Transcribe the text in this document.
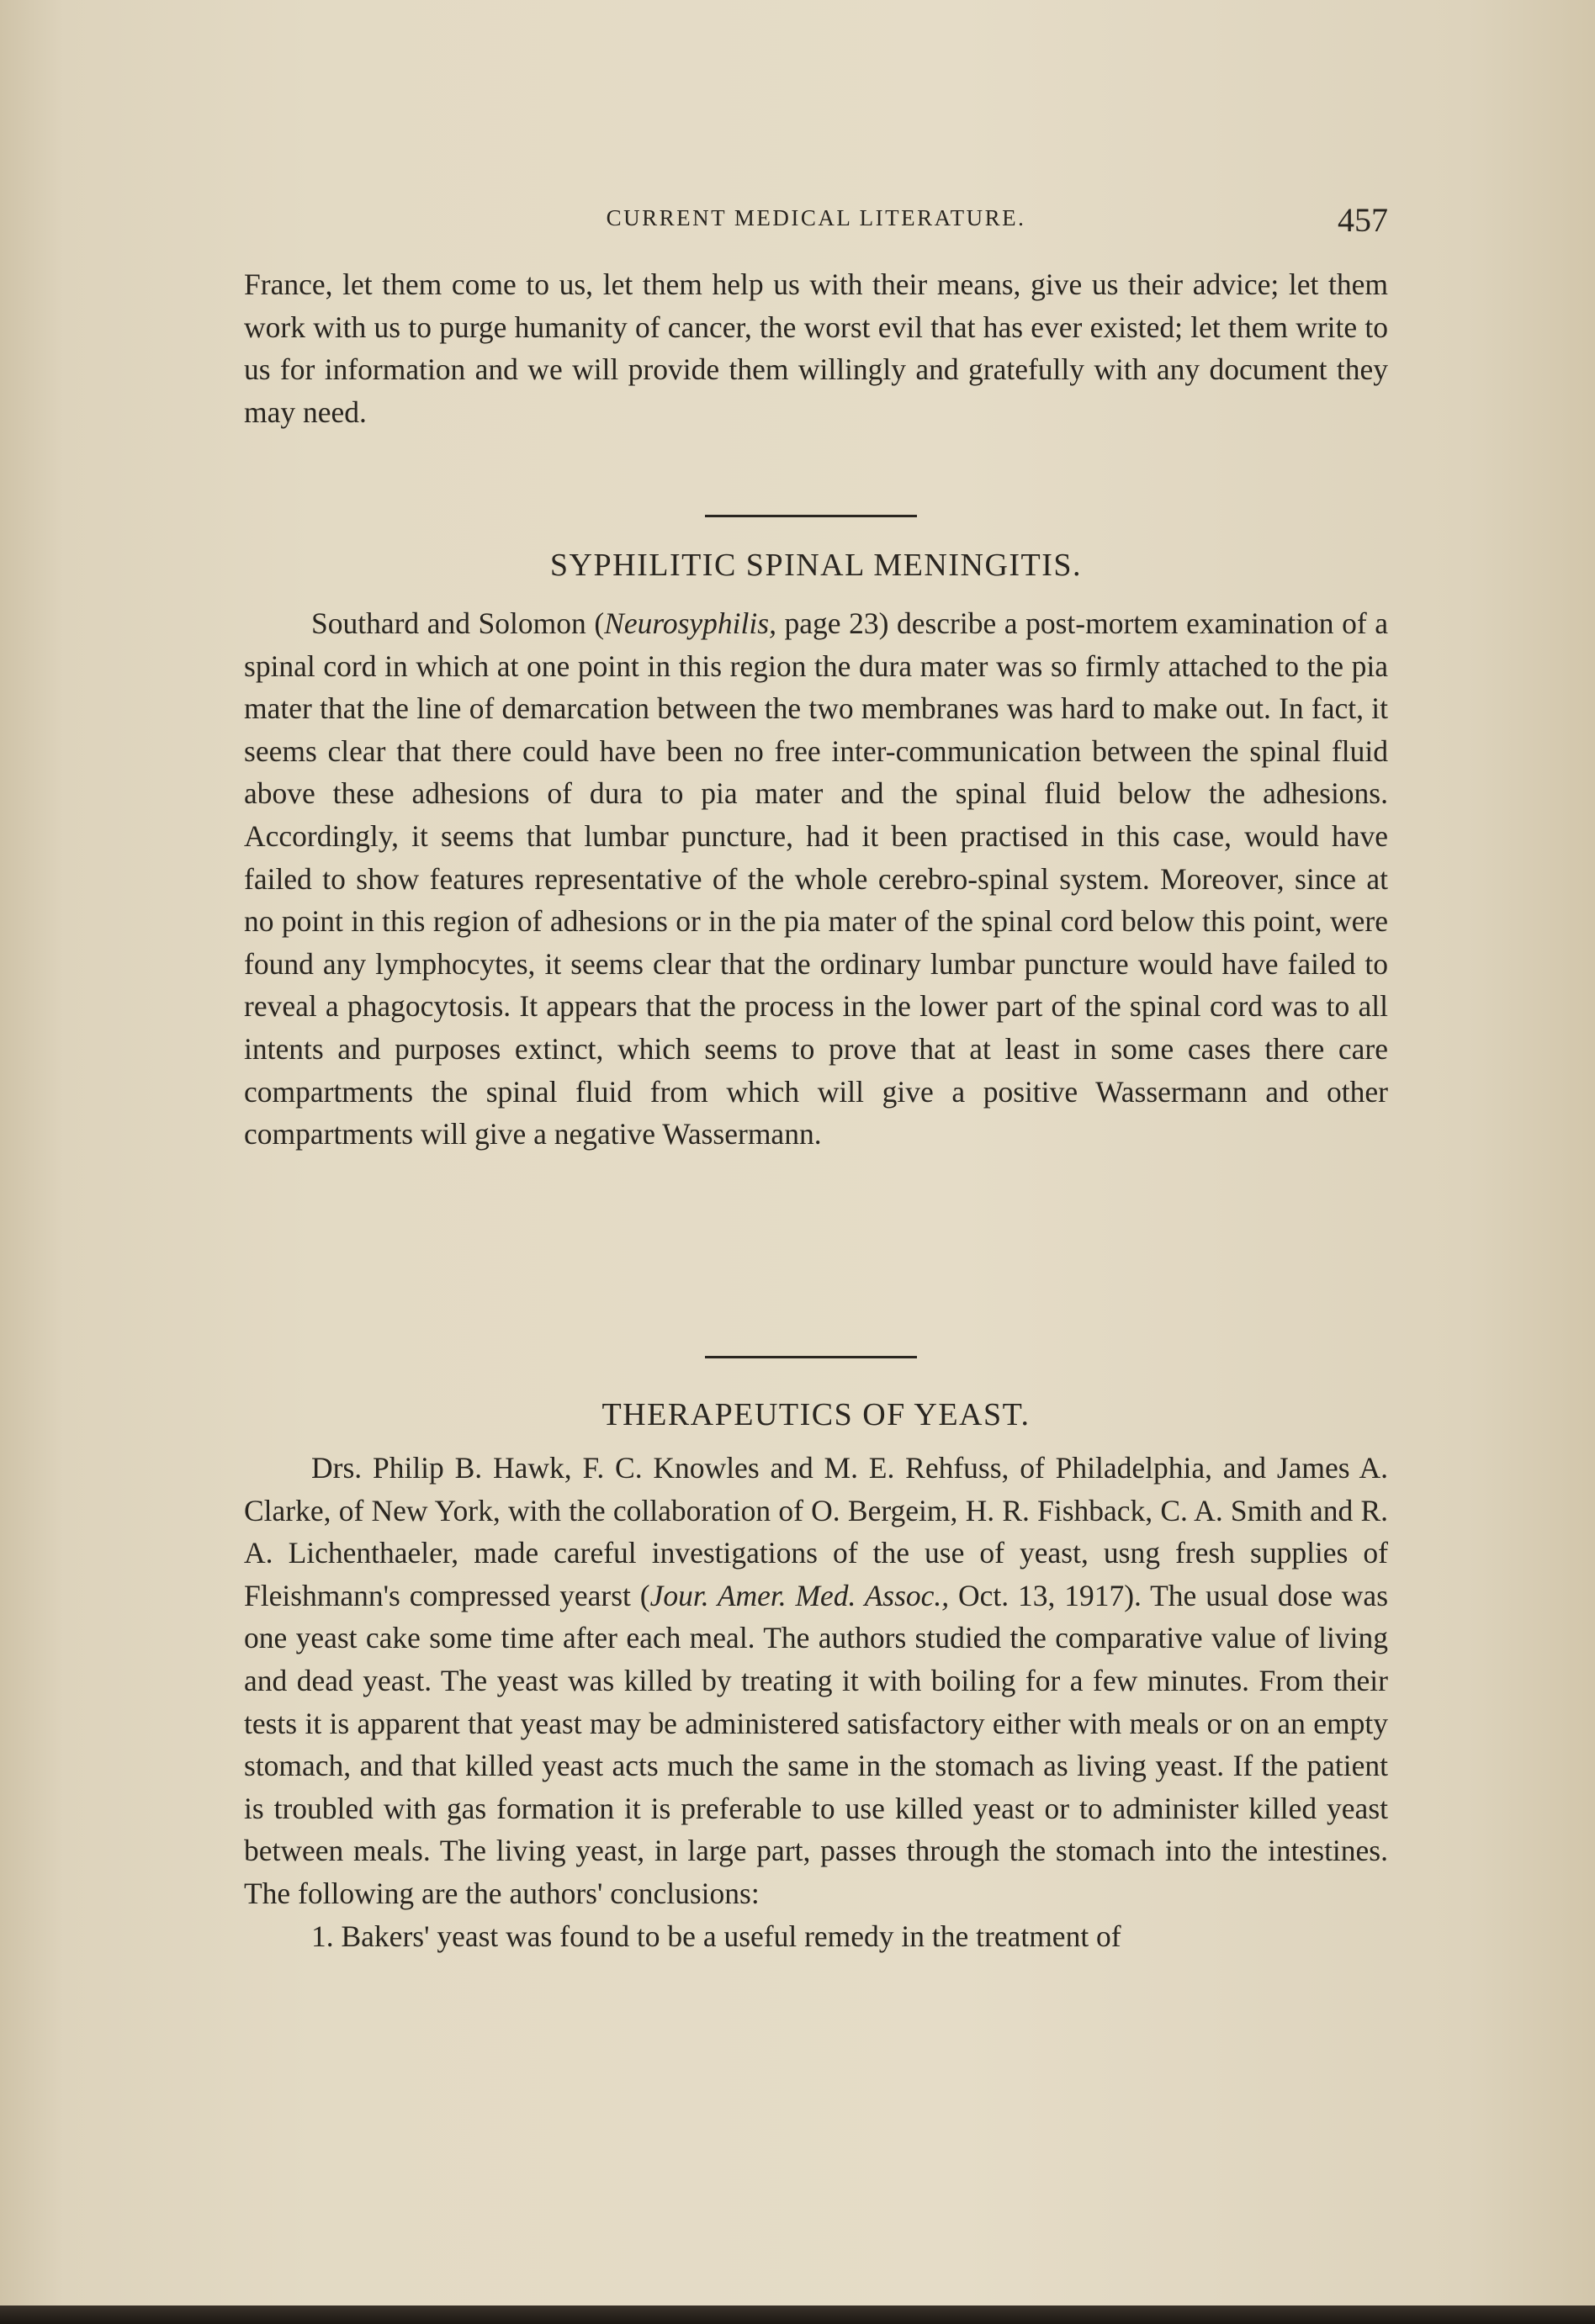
CURRENT MEDICAL LITERATURE.	457

France, let them come to us, let them help us with their means, give us their advice; let them work with us to purge humanity of cancer, the worst evil that has ever existed; let them write to us for information and we will provide them willingly and gratefully with any document they may need.

SYPHILITIC SPINAL MENINGITIS.

Southard and Solomon (Neurosyphilis, page 23) describe a post-mortem examination of a spinal cord in which at one point in this region the dura mater was so firmly attached to the pia mater that the line of demarcation between the two membranes was hard to make out. In fact, it seems clear that there could have been no free inter-communication between the spinal fluid above these adhesions of dura to pia mater and the spinal fluid below the adhesions. Accordingly, it seems that lumbar puncture, had it been practised in this case, would have failed to show features representative of the whole cerebro-spinal system. Moreover, since at no point in this region of adhesions or in the pia mater of the spinal cord below this point, were found any lymphocytes, it seems clear that the ordinary lumbar puncture would have failed to reveal a phagocytosis. It appears that the process in the lower part of the spinal cord was to all intents and purposes extinct, which seems to prove that at least in some cases there care compartments the spinal fluid from which will give a positive Wassermann and other compartments will give a negative Wassermann.

THERAPEUTICS OF YEAST.

Drs. Philip B. Hawk, F. C. Knowles and M. E. Rehfuss, of Philadelphia, and James A. Clarke, of New York, with the collaboration of O. Bergeim, H. R. Fishback, C. A. Smith and R. A. Lichenthaeler, made careful investigations of the use of yeast, usng fresh supplies of Fleishmann's compressed yearst (Jour. Amer. Med. Assoc., Oct. 13, 1917). The usual dose was one yeast cake some time after each meal. The authors studied the comparative value of living and dead yeast. The yeast was killed by treating it with boiling for a few minutes. From their tests it is apparent that yeast may be administered satisfactory either with meals or on an empty stomach, and that killed yeast acts much the same in the stomach as living yeast. If the patient is troubled with gas formation it is preferable to use killed yeast or to administer killed yeast between meals. The living yeast, in large part, passes through the stomach into the intestines. The following are the authors' conclusions:

1. Bakers' yeast was found to be a useful remedy in the treatment of
